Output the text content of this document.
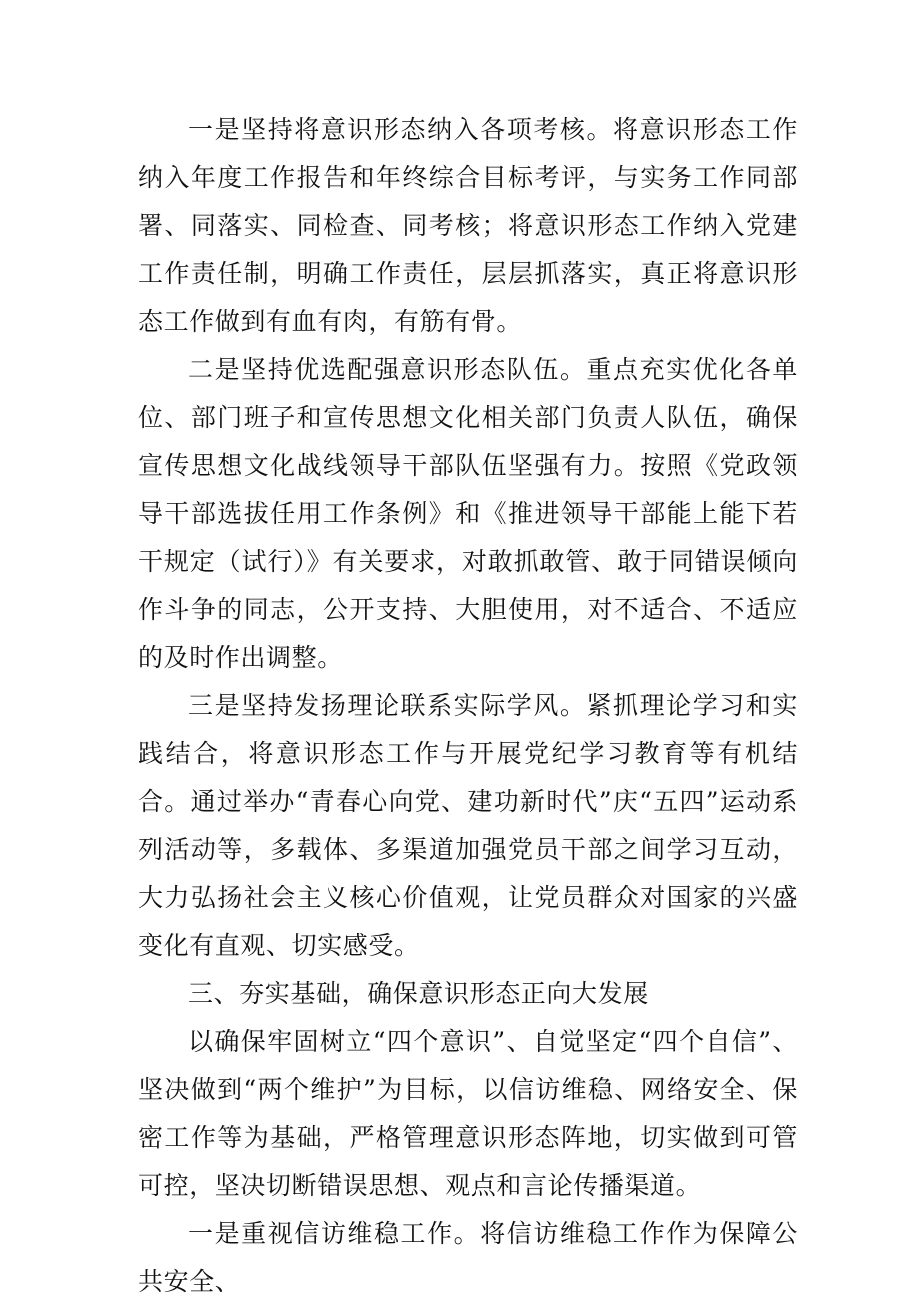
一是坚持将意识形态纳入各项考核。将意识形态工作纳入年度工作报告和年终综合目标考评，与实务工作同部署、同落实、同检查、同考核；将意识形态工作纳入党建工作责任制，明确工作责任，层层抓落实，真正将意识形态工作做到有血有肉，有筋有骨。

二是坚持优选配强意识形态队伍。重点充实优化各单位、部门班子和宣传思想文化相关部门负责人队伍，确保宣传思想文化战线领导干部队伍坚强有力。按照《党政领导干部选拔任用工作条例》和《推进领导干部能上能下若干规定（试行）》有关要求，对敢抓敢管、敢于同错误倾向作斗争的同志，公开支持、大胆使用，对不适合、不适应的及时作出调整。

三是坚持发扬理论联系实际学风。紧抓理论学习和实践结合，将意识形态工作与开展党纪学习教育等有机结合。通过举办“青春心向党、建功新时代”庆“五四”运动系列活动等，多载体、多渠道加强党员干部之间学习互动，大力弘扬社会主义核心价值观，让党员群众对国家的兴盛变化有直观、切实感受。

三、夯实基础，确保意识形态正向大发展

以确保牢固树立“四个意识”、自觉坚定“四个自信”、坚决做到“两个维护”为目标，以信访维稳、网络安全、保密工作等为基础，严格管理意识形态阵地，切实做到可管可控，坚决切断错误思想、观点和言论传播渠道。

一是重视信访维稳工作。将信访维稳工作作为保障公共安全、
